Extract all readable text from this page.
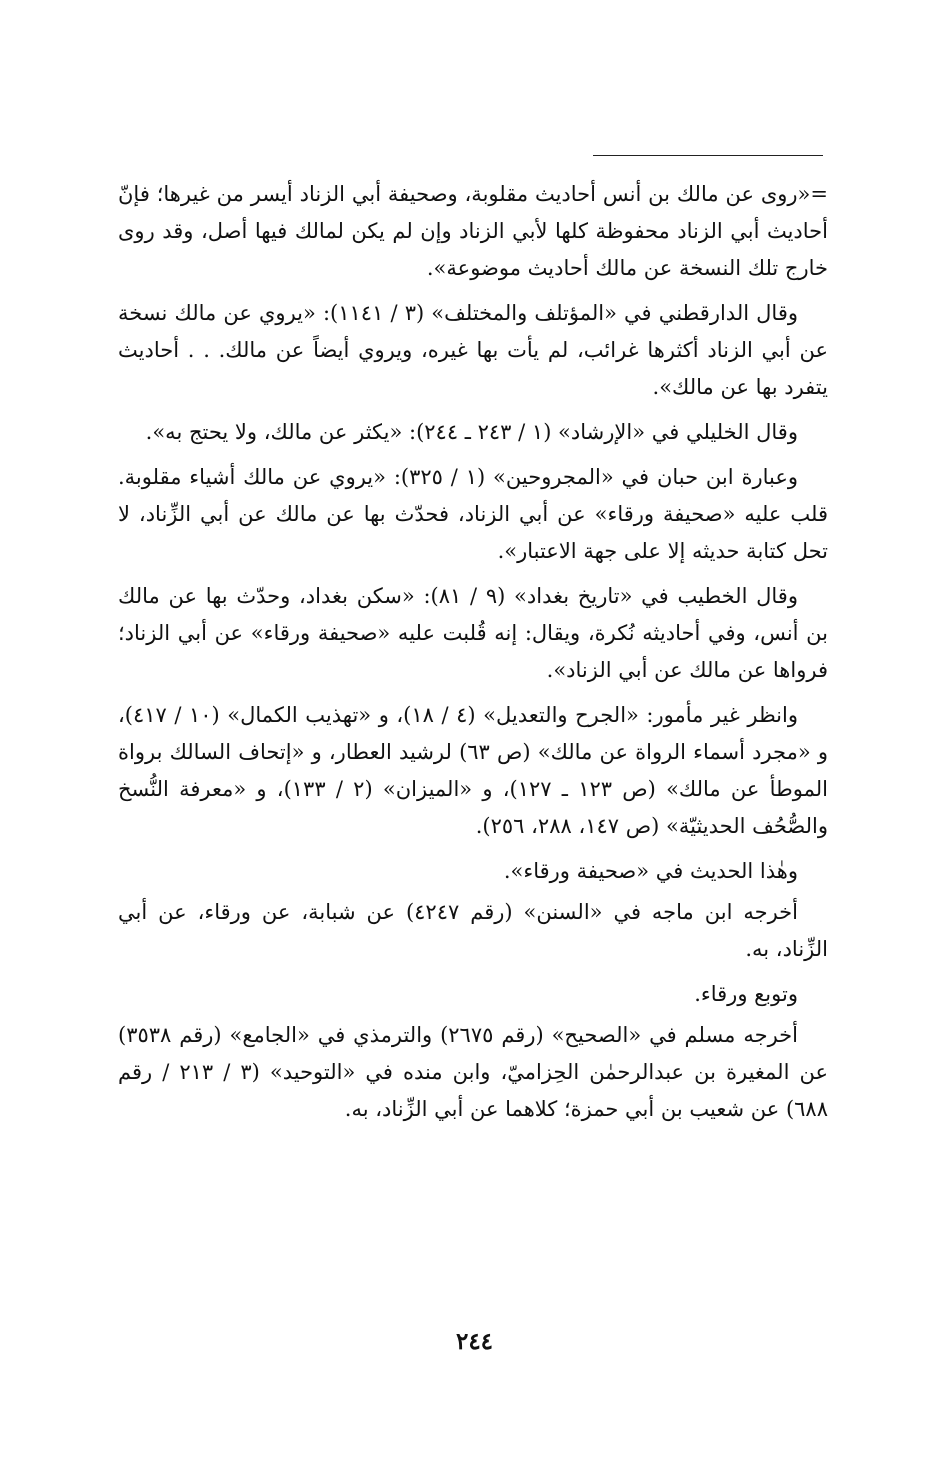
=«روى عن مالك بن أنس أحاديث مقلوبة، وصحيفة أبي الزناد أيسر من غيرها؛ فإنّ أحاديث أبي الزناد محفوظة كلها لأبي الزناد وإن لم يكن لمالك فيها أصل، وقد روى خارج تلك النسخة عن مالك أحاديث موضوعة».

وقال الدارقطني في «المؤتلف والمختلف» (٣ / ١١٤١): «يروي عن مالك نسخة عن أبي الزناد أكثرها غرائب، لم يأت بها غيره، ويروي أيضاً عن مالك. . . أحاديث يتفرد بها عن مالك».

وقال الخليلي في «الإرشاد» (١ / ٢٤٣ ـ ٢٤٤): «يكثر عن مالك، ولا يحتج به».

وعبارة ابن حبان في «المجروحين» (١ / ٣٢٥): «يروي عن مالك أشياء مقلوبة. قلب عليه «صحيفة ورقاء» عن أبي الزناد، فحدّث بها عن مالك عن أبي الزِّناد، لا تحل كتابة حديثه إلا على جهة الاعتبار».

وقال الخطيب في «تاريخ بغداد» (٩ / ٨١): «سكن بغداد، وحدّث بها عن مالك بن أنس، وفي أحاديثه نُكرة، ويقال: إنه قُلبت عليه «صحيفة ورقاء» عن أبي الزناد؛ فرواها عن مالك عن أبي الزناد».

وانظر غير مأمور: «الجرح والتعديل» (٤ / ١٨)، و «تهذيب الكمال» (١٠ / ٤١٧)، و «مجرد أسماء الرواة عن مالك» (ص ٦٣) لرشيد العطار، و «إتحاف السالك برواة الموطأ عن مالك» (ص ١٢٣ ـ ١٢٧)، و «الميزان» (٢ / ١٣٣)، و «معرفة النُّسخ والصُّحُف الحديثيّة» (ص ١٤٧، ٢٨٨، ٢٥٦).

وهٰذا الحديث في «صحيفة ورقاء».

أخرجه ابن ماجه في «السنن» (رقم ٤٢٤٧) عن شبابة، عن ورقاء، عن أبي الزِّناد، به.

وتوبع ورقاء.

أخرجه مسلم في «الصحيح» (رقم ٢٦٧٥) والترمذي في «الجامع» (رقم ٣٥٣٨) عن المغيرة بن عبدالرحمٰن الحِزاميّ، وابن منده في «التوحيد» (٣ / ٢١٣ / رقم ٦٨٨) عن شعيب بن أبي حمزة؛ كلاهما عن أبي الزِّناد، به.

٢٤٤
